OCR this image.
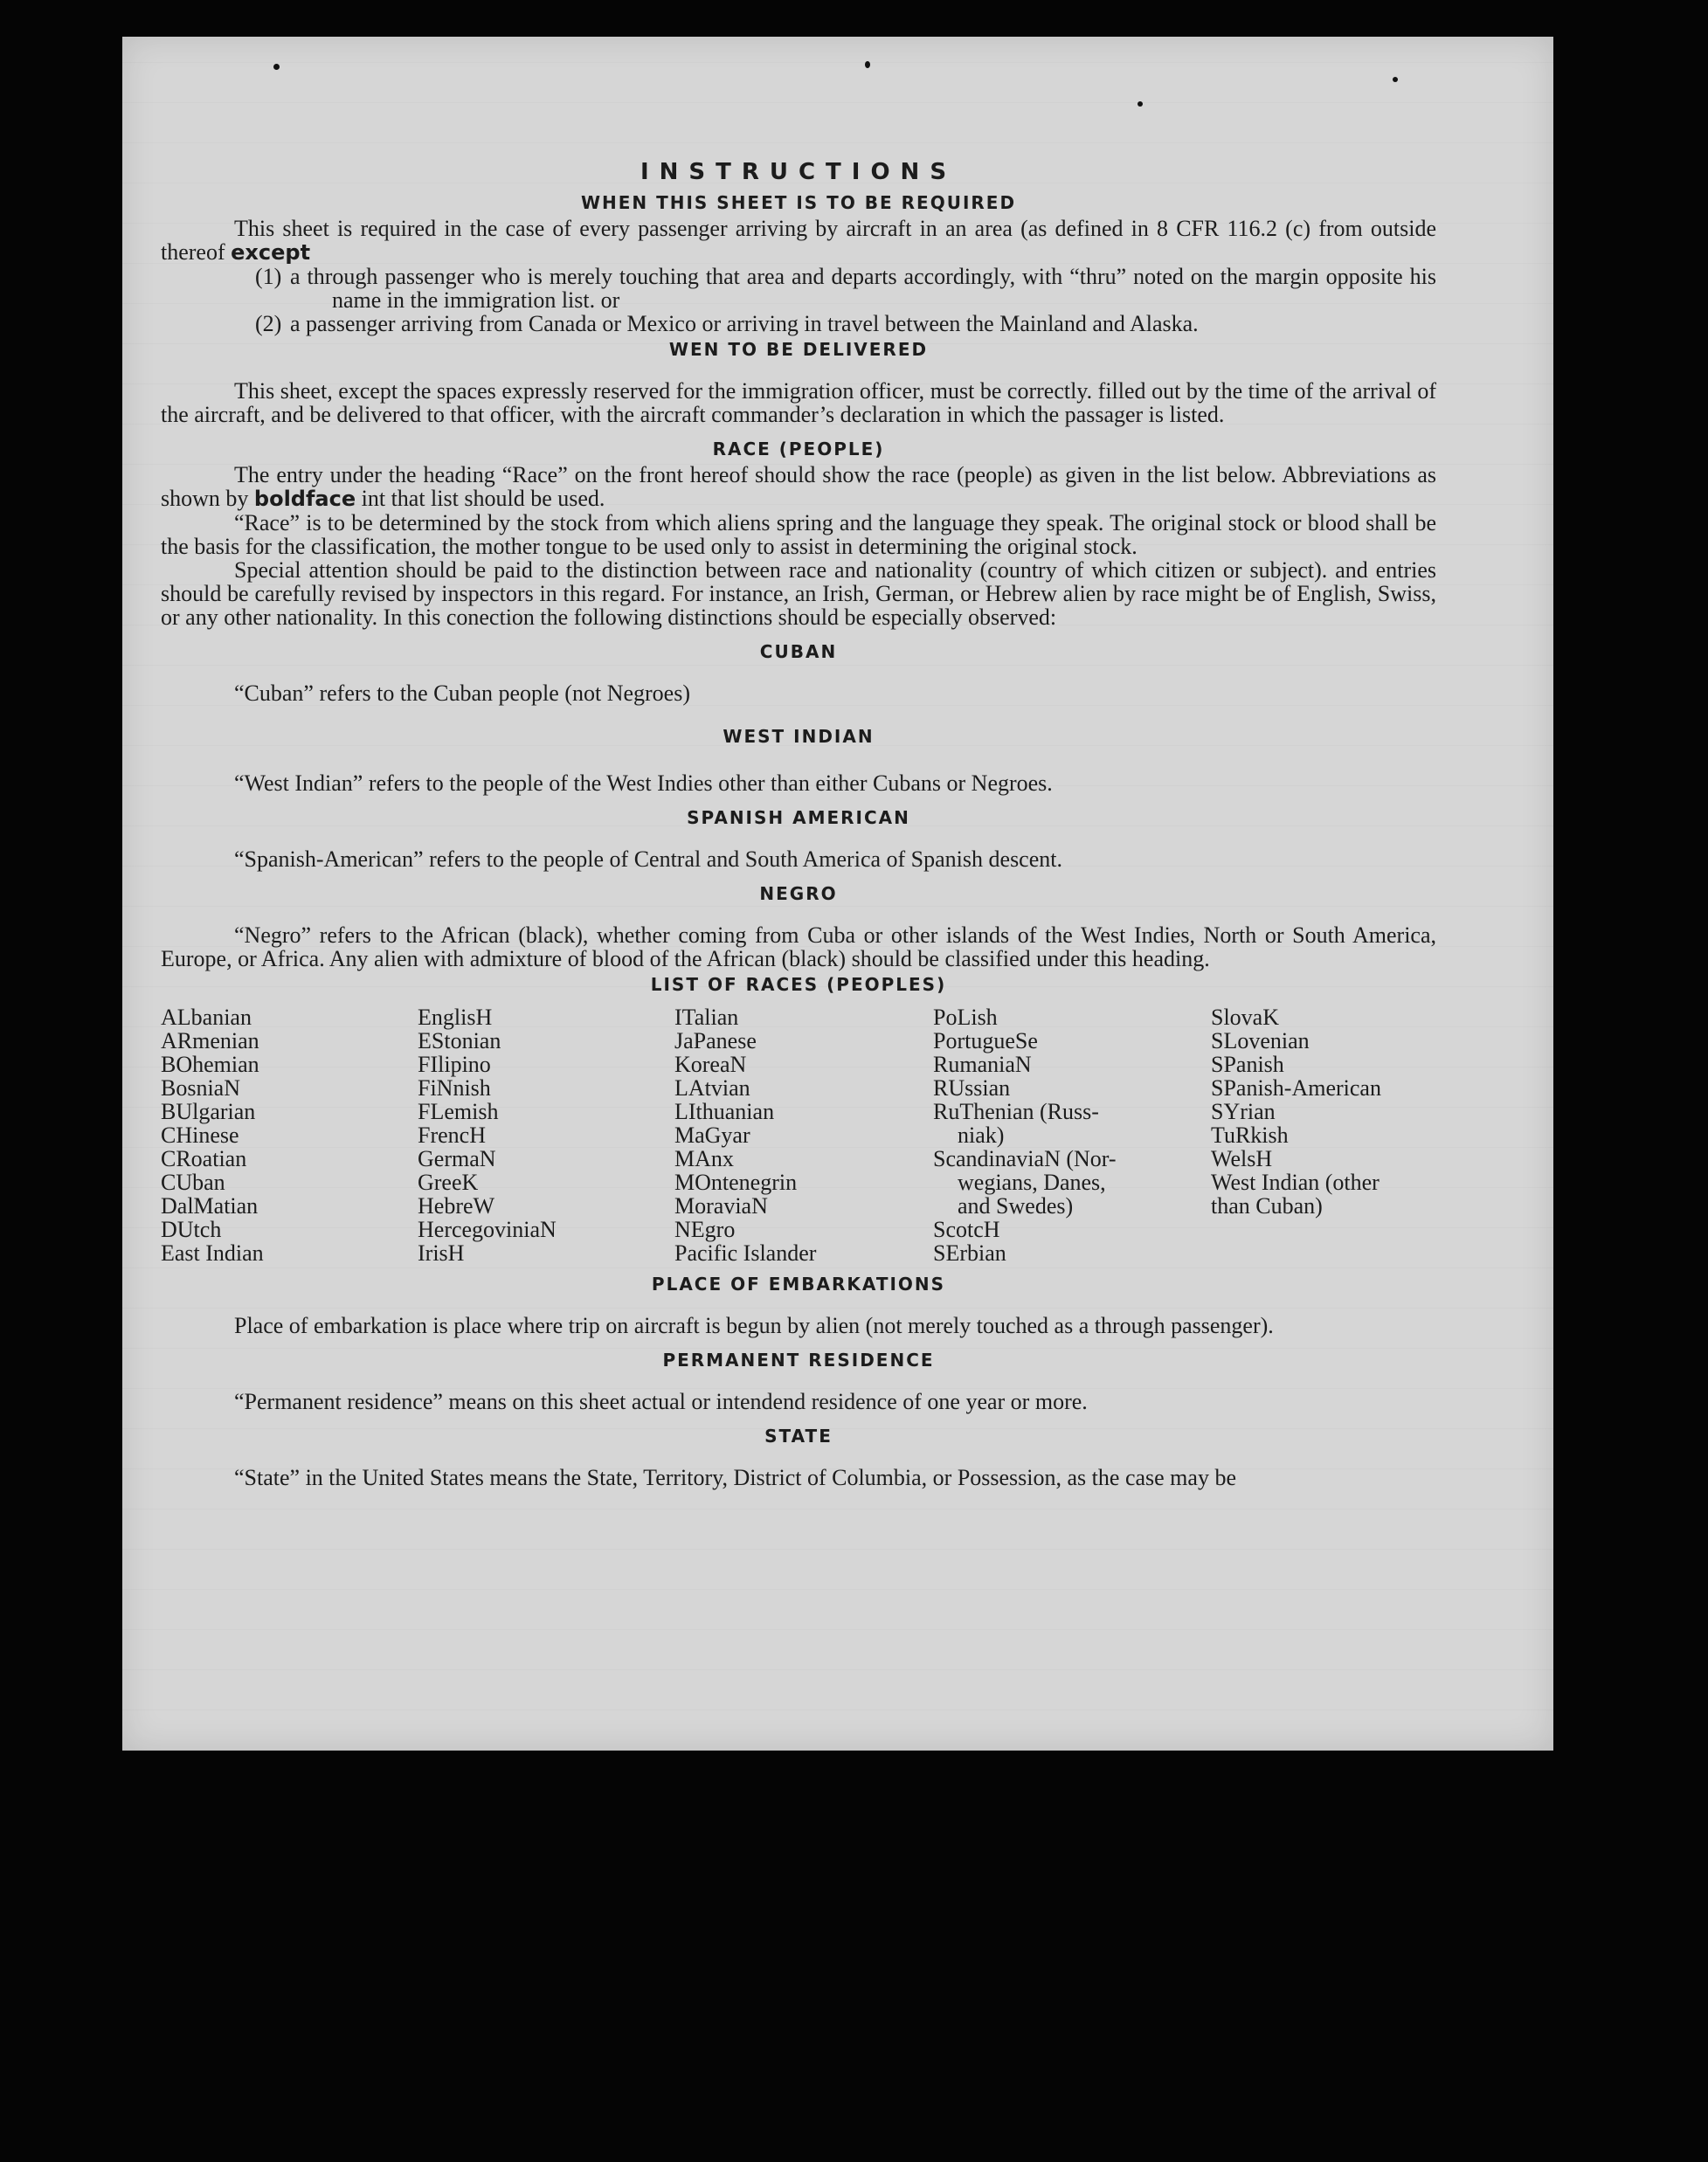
INSTRUCTIONS
WHEN THIS SHEET IS TO BE REQUIRED

This sheet is required in the case of every passenger arriving by aircraft in an area (as defined in 8 CFR 116.2 (c) from outside thereof except

(1) a through passenger who is merely touching that area and departs accordingly, with “thru” noted on the margin opposite his name in the immigration list. or

(2) a passenger arriving from Canada or Mexico or arriving in travel between the Mainland and Alaska.

WEN TO BE DELIVERED

This sheet, except the spaces expressly reserved for the immigration officer, must be correctly. filled out by the time of the arrival of the aircraft, and be delivered to that officer, with the aircraft commander’s declaration in which the passager is listed.

RACE (PEOPLE)

The entry under the heading “Race” on the front hereof should show the race (people) as given in the list below. Abbreviations as shown by boldface int that list should be used.

“Race” is to be determined by the stock from which aliens spring and the language they speak. The original stock or blood shall be the basis for the classification, the mother tongue to be used only to assist in determining the original stock.

Special attention should be paid to the distinction between race and nationality (country of which citizen or subject). and entries should be carefully revised by inspectors in this regard. For instance, an Irish, German, or Hebrew alien by race might be of English, Swiss, or any other nationality. In this conection the following distinctions should be especially observed:

CUBAN

“Cuban” refers to the Cuban people (not Negroes)

WEST INDIAN

“West Indian” refers to the people of the West Indies other than either Cubans or Negroes.

SPANISH AMERICAN

“Spanish-American” refers to the people of Central and South America of Spanish descent.

NEGRO

“Negro” refers to the African (black), whether coming from Cuba or other islands of the West Indies, North or South America, Europe, or Africa. Any alien with admixture of blood of the African (black) should be classified under this heading.

LIST OF RACES (PEOPLES)
ALbanian
ARmenian
BOhemian
BosniaN
BUlgarian
CHinese
CRoatian
CUban
DalMatian
DUtch
East Indian
EnglisH
EStonian
FIlipino
FiNnish
FLemish
FrencH
GermaN
GreeK
HebreW
HercegoviniaN
IrisH
ITalian
JaPanese
KoreaN
LAtvian
LIthuanian
MaGyar
MAnx
MOntenegrin
MoraviaN
NEgro
Pacific Islander
PoLish
PortugueSe
RumaniaN
RUssian
RuThenian (Russ-
niak)
ScandinaviaN (Nor-
wegians, Danes,
and Swedes)
ScotcH
SErbian
SlovaK
SLovenian
SPanish
SPanish-American
SYrian
TuRkish
WelsH
West Indian (other
than Cuban)
PLACE OF EMBARKATIONS

Place of embarkation is place where trip on aircraft is begun by alien (not merely touched as a through passenger).

PERMANENT RESIDENCE

“Permanent residence” means on this sheet actual or intendend residence of one year or more.

STATE

“State” in the United States means the State, Territory, District of Columbia, or Possession, as the case may be
